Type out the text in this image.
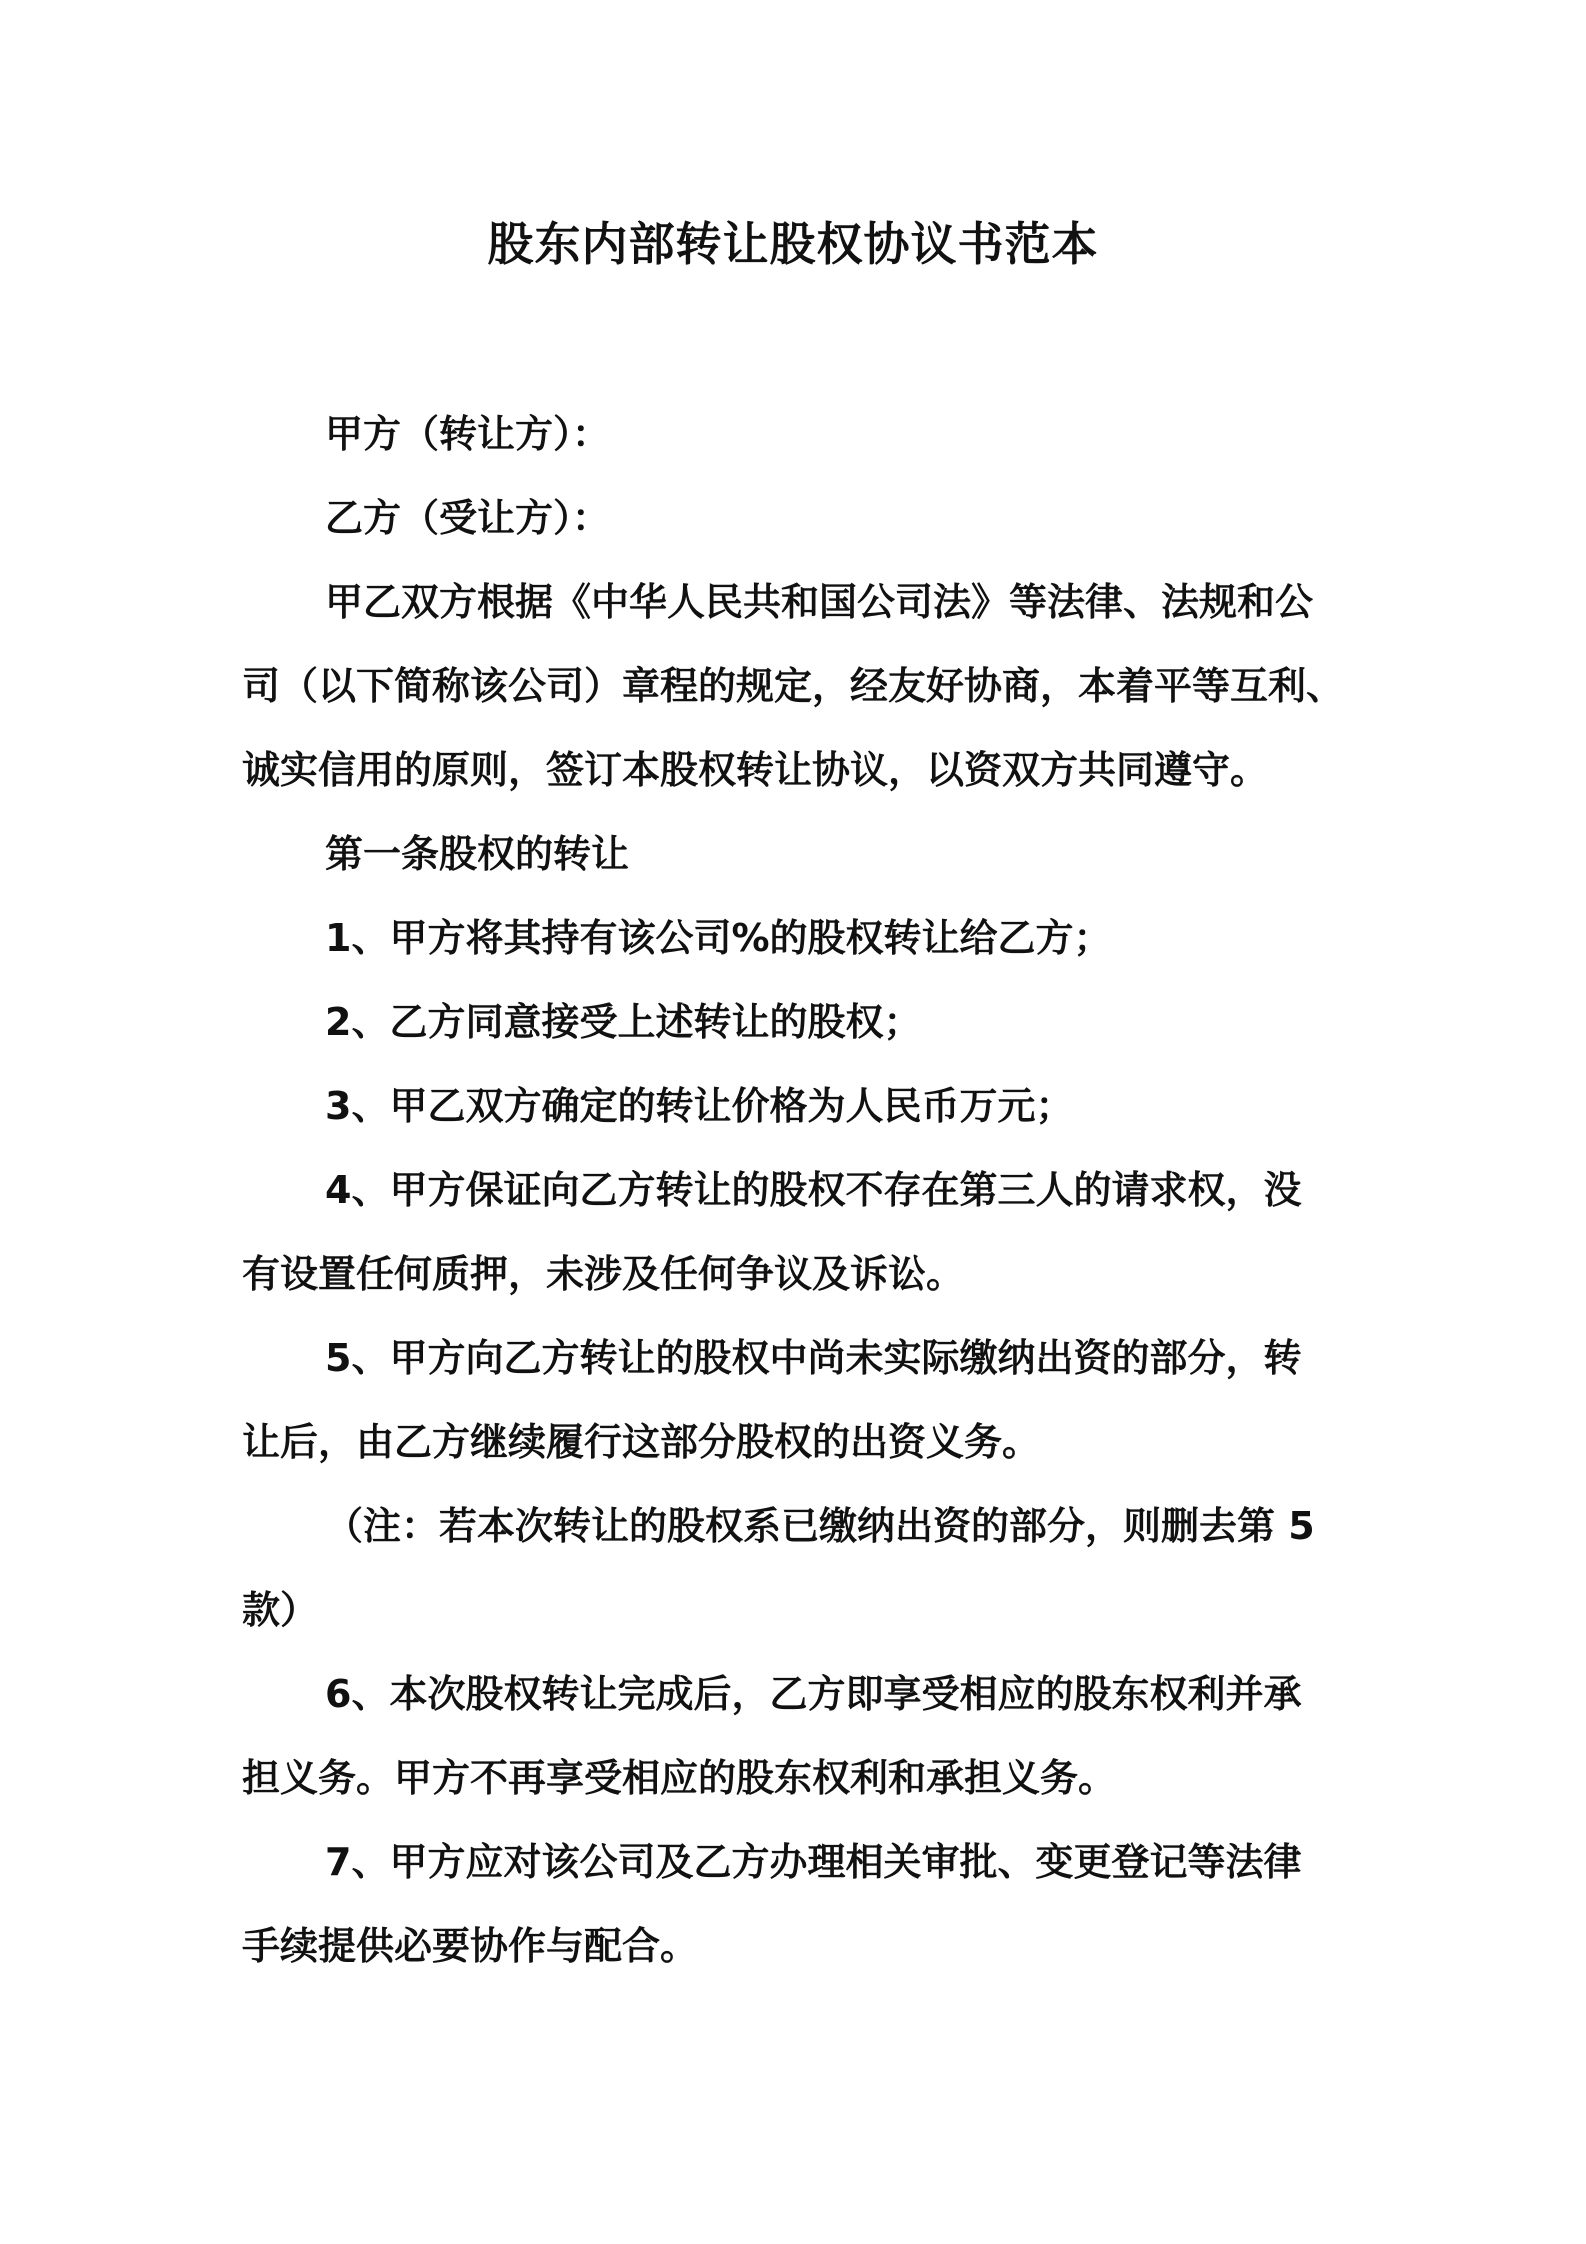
股东内部转让股权协议书范本
甲方（转让方）：
乙方（受让方）：
甲乙双方根据《中华人民共和国公司法》等法律、法规和公
司（以下简称该公司）章程的规定，经友好协商，本着平等互利、
诚实信用的原则，签订本股权转让协议，以资双方共同遵守。
第一条股权的转让
1、甲方将其持有该公司%的股权转让给乙方；
2、乙方同意接受上述转让的股权；
3、甲乙双方确定的转让价格为人民币万元；
4、甲方保证向乙方转让的股权不存在第三人的请求权，没
有设置任何质押，未涉及任何争议及诉讼。
5、甲方向乙方转让的股权中尚未实际缴纳出资的部分，转
让后，由乙方继续履行这部分股权的出资义务。
（注：若本次转让的股权系已缴纳出资的部分，则删去第 5
款）
6、本次股权转让完成后，乙方即享受相应的股东权利并承
担义务。甲方不再享受相应的股东权利和承担义务。
7、甲方应对该公司及乙方办理相关审批、变更登记等法律
手续提供必要协作与配合。
